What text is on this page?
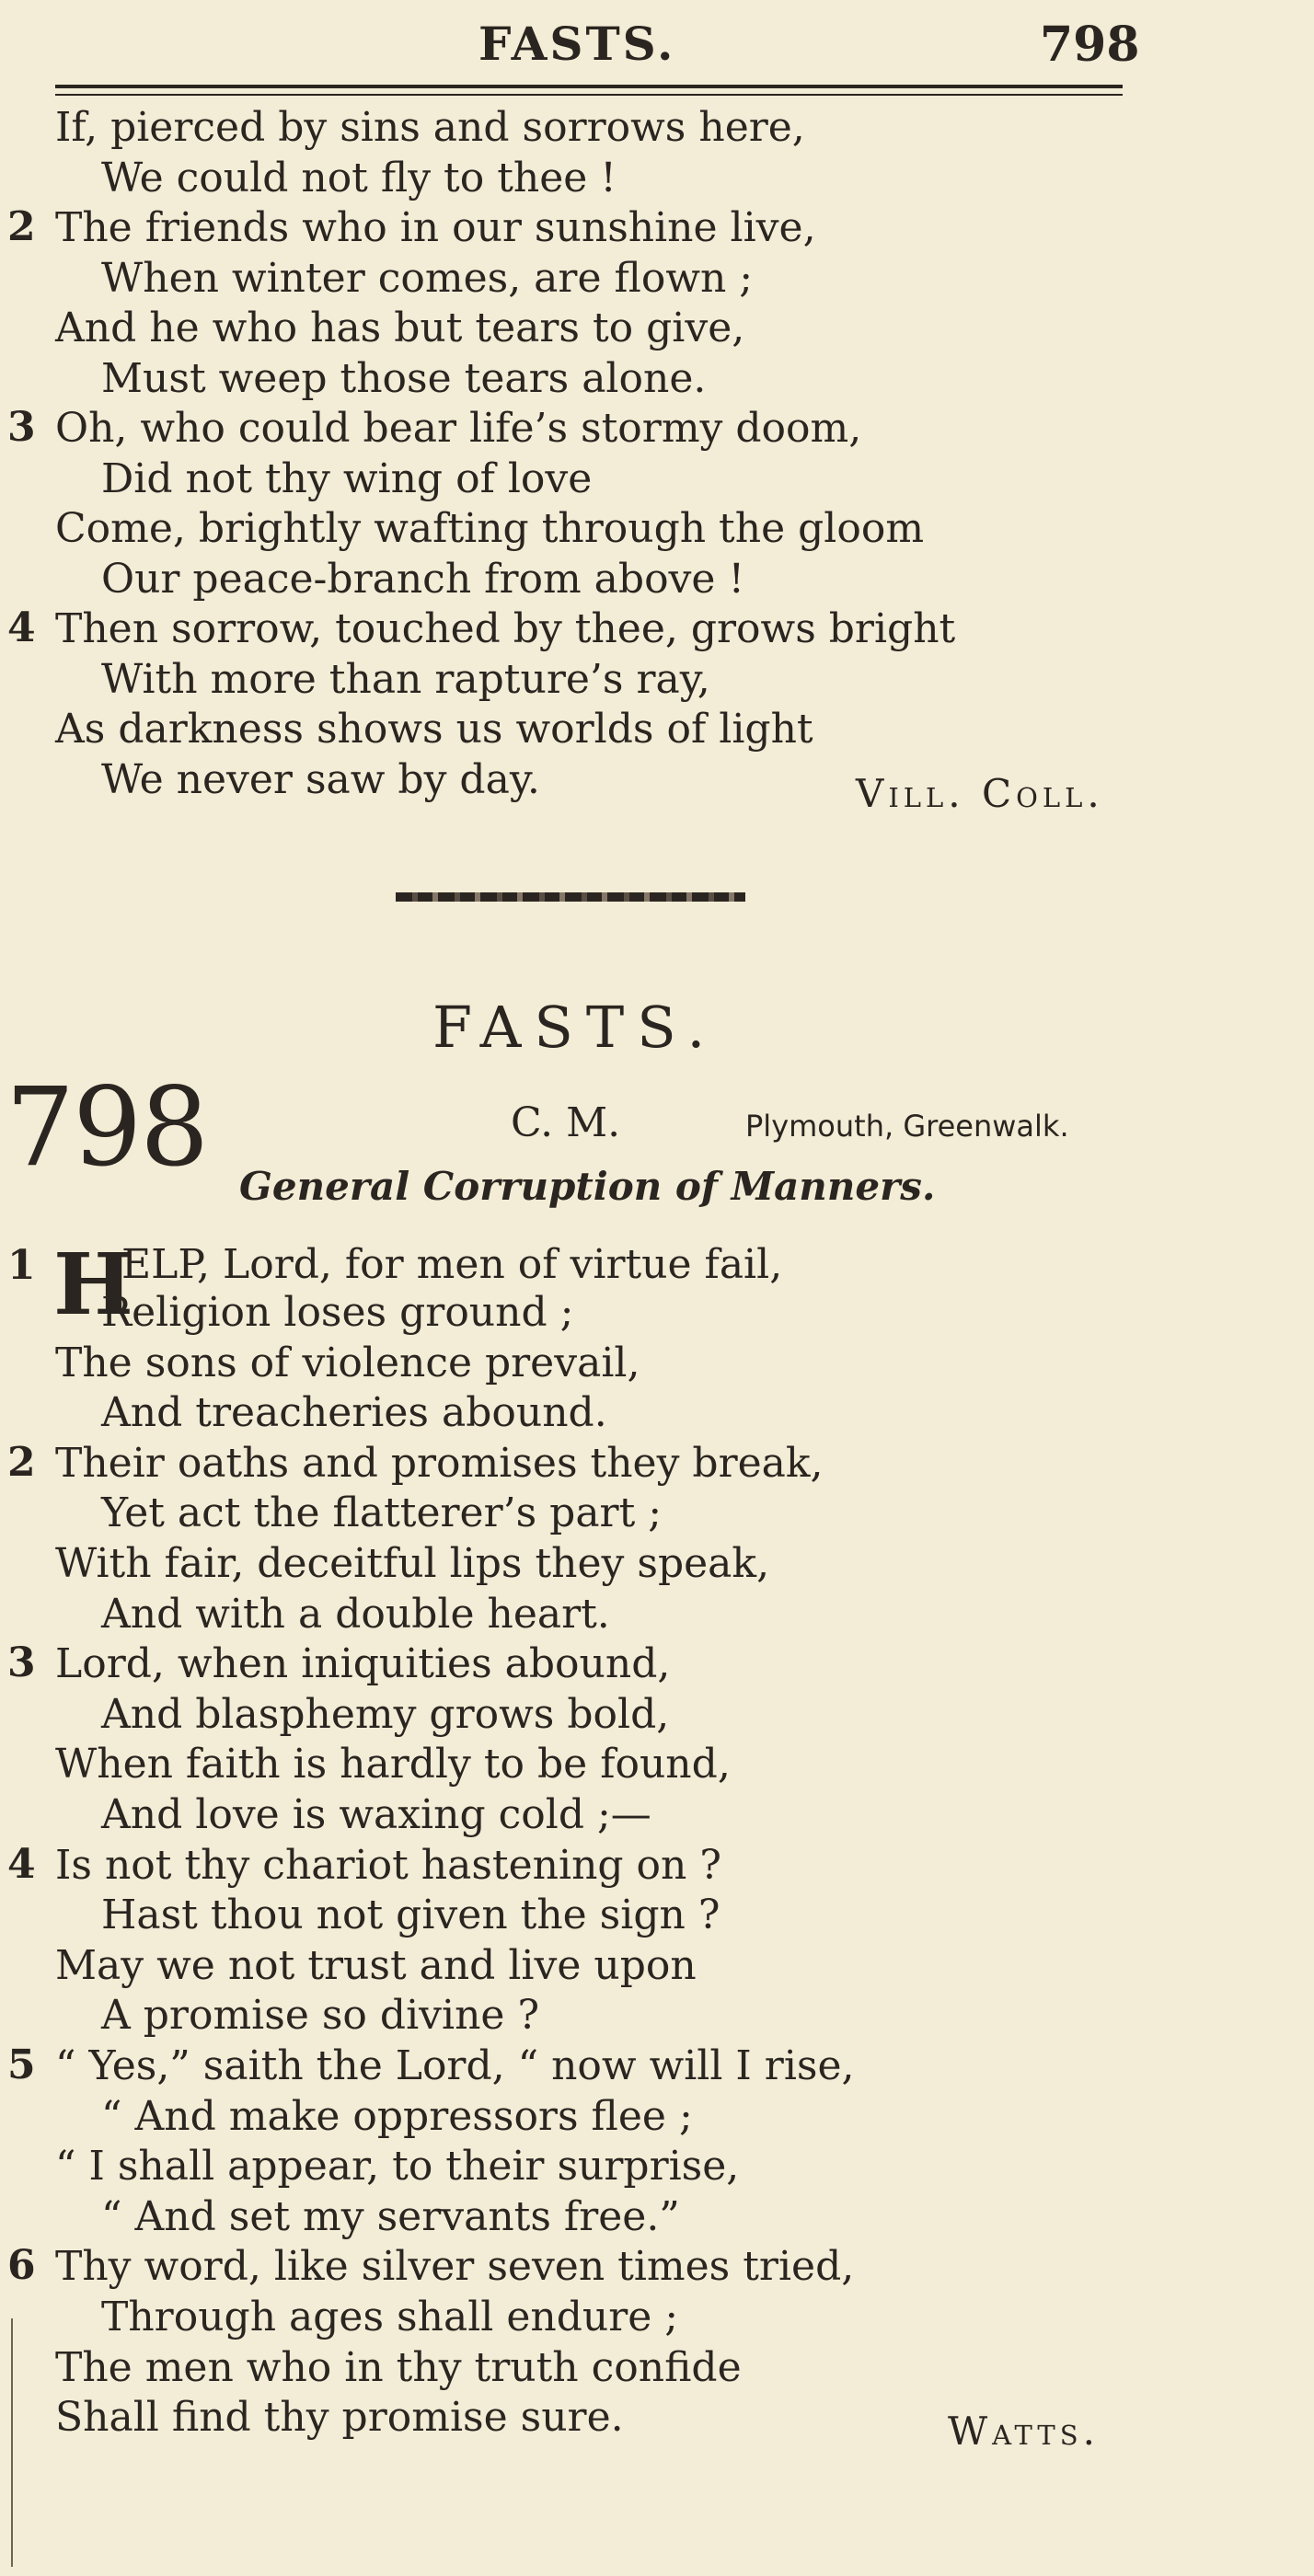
FASTS.	798
If, pierced by sins and sorrows here,
We could not fly to thee !
2 The friends who in our sunshine live,
When winter comes, are flown ;
And he who has but tears to give,
Must weep those tears alone.
3 Oh, who could bear life’s stormy doom,
Did not thy wing of love
Come, brightly wafting through the gloom
Our peace-branch from above !
4 Then sorrow, touched by thee, grows bright
With more than rapture’s ray,
As darkness shows us worlds of light
We never saw by day.	Vill. Coll.
FASTS.
798	C. M.	Plymouth, Greenwalk.
General Corruption of Manners.
1 H
ELP, Lord, for men of virtue fail,
Religion loses ground ;
The sons of violence prevail,
And treacheries abound.
2 Their oaths and promises they break,
Yet act the flatterer’s part ;
With fair, deceitful lips they speak,
And with a double heart.
3 Lord, when iniquities abound,
And blasphemy grows bold,
When faith is hardly to be found,
And love is waxing cold ;—
4 Is not thy chariot hastening on ?
Hast thou not given the sign ?
May we not trust and live upon
A promise so divine ?
5 “ Yes,” saith the Lord, “ now will I rise,
“ And make oppressors flee ;
“ I shall appear, to their surprise,
“ And set my servants free.”
6 Thy word, like silver seven times tried,
Through ages shall endure ;
The men who in thy truth confide
Shall find thy promise sure.	Watts.
